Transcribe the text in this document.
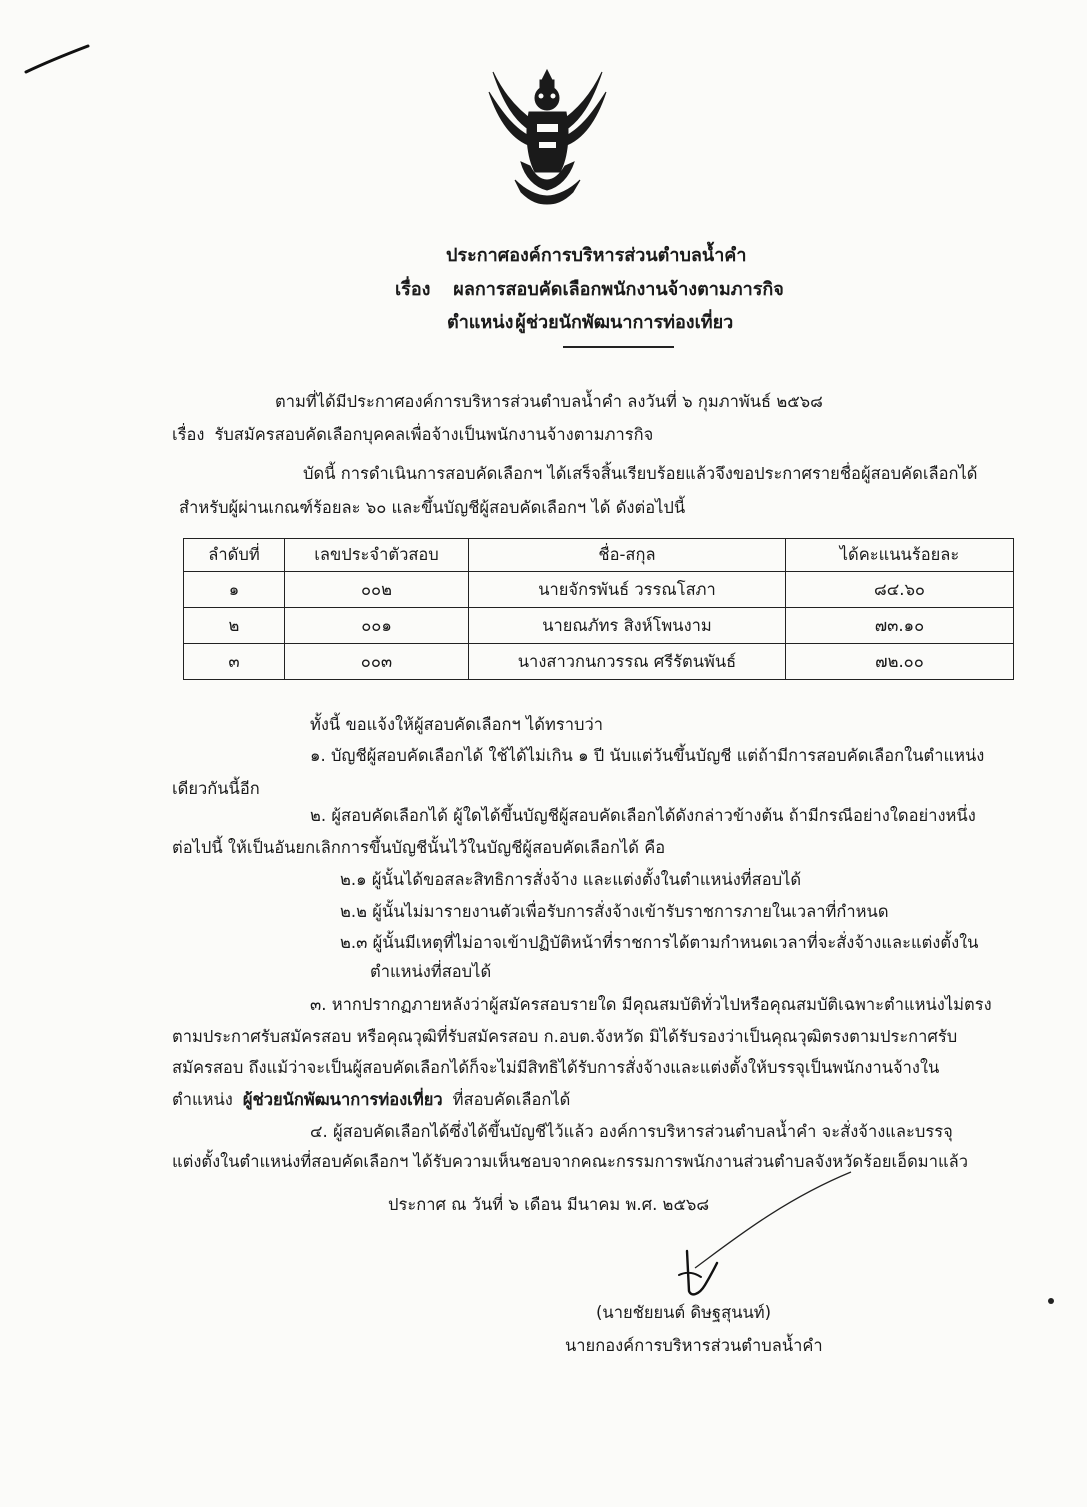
ประกาศองค์การบริหารส่วนตำบลน้ำคำ
เรื่อง ผลการสอบคัดเลือกพนักงานจ้างตามภารกิจ
ตำแหน่ง ผู้ช่วยนักพัฒนาการท่องเที่ยว
ตามที่ได้มีประกาศองค์การบริหารส่วนตำบลน้ำคำ ลงวันที่ ๖ กุมภาพันธ์ ๒๕๖๘
เรื่อง รับสมัครสอบคัดเลือกบุคคลเพื่อจ้างเป็นพนักงานจ้างตามภารกิจ
บัดนี้ การดำเนินการสอบคัดเลือกฯ ได้เสร็จสิ้นเรียบร้อยแล้วจึงขอประกาศรายชื่อผู้สอบคัดเลือกได้
สำหรับผู้ผ่านเกณฑ์ร้อยละ ๖๐ และขึ้นบัญชีผู้สอบคัดเลือกฯ ได้ ดังต่อไปนี้
ลำดับที่	เลขประจำตัวสอบ	ชื่อ-สกุล	ได้คะแนนร้อยละ
๑	๐๐๒	นายจักรพันธ์ วรรณโสภา	๘๔.๖๐
๒	๐๐๑	นายณภัทร สิงห์โพนงาม	๗๓.๑๐
๓	๐๐๓	นางสาวกนกวรรณ ศรีรัตนพันธ์	๗๒.๐๐
ทั้งนี้ ขอแจ้งให้ผู้สอบคัดเลือกฯ ได้ทราบว่า
๑. บัญชีผู้สอบคัดเลือกได้ ใช้ได้ไม่เกิน ๑ ปี นับแต่วันขึ้นบัญชี แต่ถ้ามีการสอบคัดเลือกในตำแหน่ง
เดียวกันนี้อีก
๒. ผู้สอบคัดเลือกได้ ผู้ใดได้ขึ้นบัญชีผู้สอบคัดเลือกได้ดังกล่าวข้างต้น ถ้ามีกรณีอย่างใดอย่างหนึ่ง
ต่อไปนี้ ให้เป็นอันยกเลิกการขึ้นบัญชีนั้นไว้ในบัญชีผู้สอบคัดเลือกได้ คือ
๒.๑ ผู้นั้นได้ขอสละสิทธิการสั่งจ้าง และแต่งตั้งในตำแหน่งที่สอบได้
๒.๒ ผู้นั้นไม่มารายงานตัวเพื่อรับการสั่งจ้างเข้ารับราชการภายในเวลาที่กำหนด
๒.๓ ผู้นั้นมีเหตุที่ไม่อาจเข้าปฏิบัติหน้าที่ราชการได้ตามกำหนดเวลาที่จะสั่งจ้างและแต่งตั้งใน
ตำแหน่งที่สอบได้
๓. หากปรากฏภายหลังว่าผู้สมัครสอบรายใด มีคุณสมบัติทั่วไปหรือคุณสมบัติเฉพาะตำแหน่งไม่ตรง
ตามประกาศรับสมัครสอบ หรือคุณวุฒิที่รับสมัครสอบ ก.อบต.จังหวัด มิได้รับรองว่าเป็นคุณวุฒิตรงตามประกาศรับ
สมัครสอบ ถึงแม้ว่าจะเป็นผู้สอบคัดเลือกได้ก็จะไม่มีสิทธิได้รับการสั่งจ้างและแต่งตั้งให้บรรจุเป็นพนักงานจ้างใน
ตำแหน่ง ผู้ช่วยนักพัฒนาการท่องเที่ยว ที่สอบคัดเลือกได้
๔. ผู้สอบคัดเลือกได้ซึ่งได้ขึ้นบัญชีไว้แล้ว องค์การบริหารส่วนตำบลน้ำคำ จะสั่งจ้างและบรรจุ
แต่งตั้งในตำแหน่งที่สอบคัดเลือกฯ ได้รับความเห็นชอบจากคณะกรรมการพนักงานส่วนตำบลจังหวัดร้อยเอ็ดมาแล้ว
ประกาศ ณ วันที่ ๖ เดือน มีนาคม พ.ศ. ๒๕๖๘
(นายชัยยนต์ ดิษฐสุนนท์)
นายกองค์การบริหารส่วนตำบลน้ำคำ
